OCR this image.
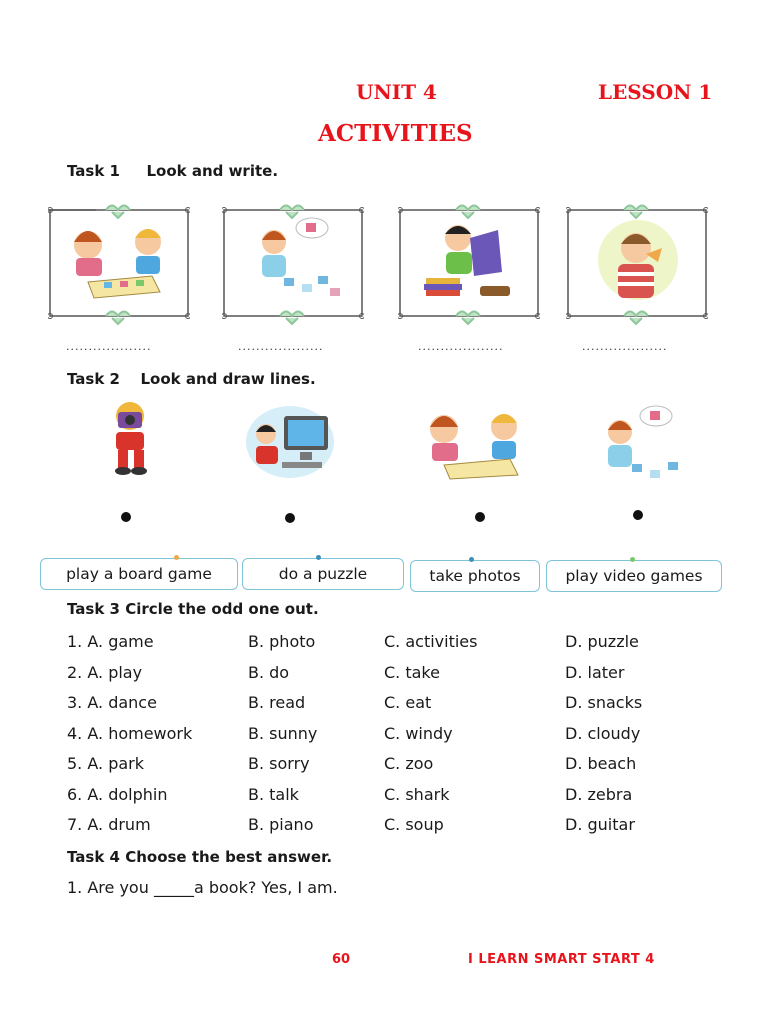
UNIT 4	LESSON 1
ACTIVITIES
Task 1 Look and write.
...................	...................	...................	...................
Task 2 Look and draw lines.
play a board game	do a puzzle	take photos	play video games
Task 3 Circle the odd one out.
1. A. game	B. photo	C. activities	D. puzzle
2. A. play	B. do	C. take	D. later
3. A. dance	B. read	C. eat	D. snacks
4. A. homework	B. sunny	C. windy	D. cloudy
5. A. park	B. sorry	C. zoo	D. beach
6. A. dolphin	B. talk	C. shark	D. zebra
7. A. drum	B. piano	C. soup	D. guitar
Task 4 Choose the best answer.
1. Are you _____a book? Yes, I am.
60	I LEARN SMART START 4
